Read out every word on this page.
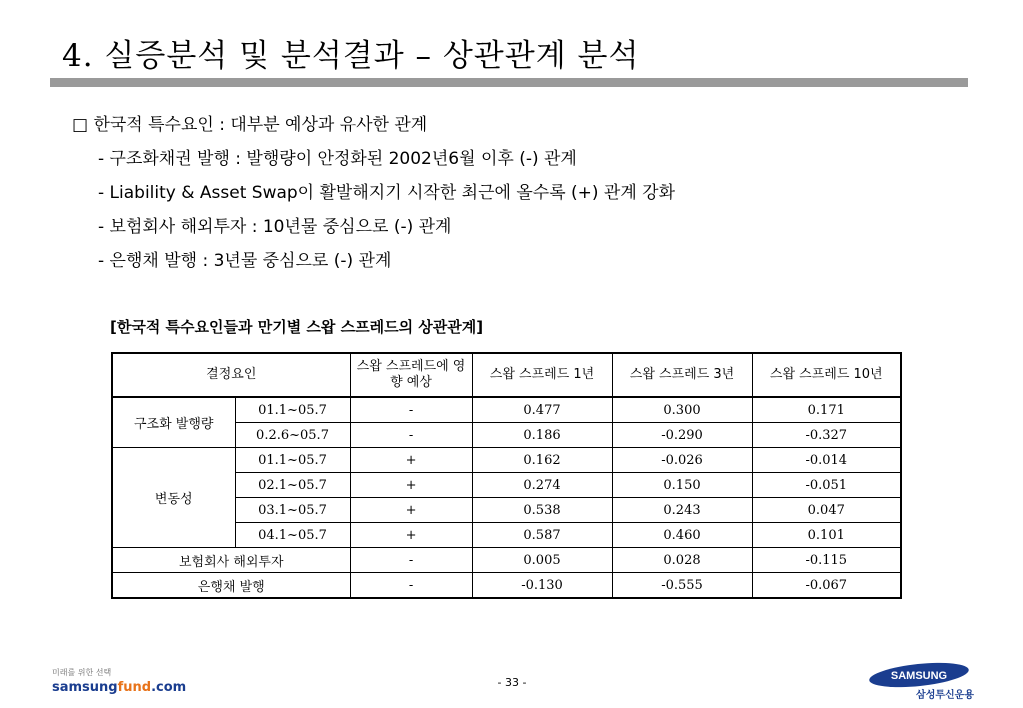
4. 실증분석 및 분석결과 – 상관관계 분석
□ 한국적 특수요인 : 대부분 예상과 유사한 관계
- 구조화채권 발행 : 발행량이 안정화된 2002년6월 이후 (-) 관계
- Liability & Asset Swap이 활발해지기 시작한 최근에 올수록 (+) 관계 강화
- 보험회사 해외투자 : 10년물 중심으로 (-) 관계
- 은행채 발행 : 3년물 중심으로 (-) 관계
[한국적 특수요인들과 만기별 스왑 스프레드의 상관관계]
결정요인		스왑 스프레드에 영향 예상	스왑 스프레드 1년	스왑 스프레드 3년	스왑 스프레드 10년
구조화 발행량	01.1~05.7	-	0.477	0.300	0.171
	0.2.6~05.7	-	0.186	-0.290	-0.327
변동성	01.1~05.7	+	0.162	-0.026	-0.014
	02.1~05.7	+	0.274	0.150	-0.051
	03.1~05.7	+	0.538	0.243	0.047
	04.1~05.7	+	0.587	0.460	0.101
보험회사 해외투자		-	0.005	0.028	-0.115
은행채 발행		-	-0.130	-0.555	-0.067
미래를 위한 선택
samsungfund.com	- 33 -	SAMSUNG
삼성투신운용
